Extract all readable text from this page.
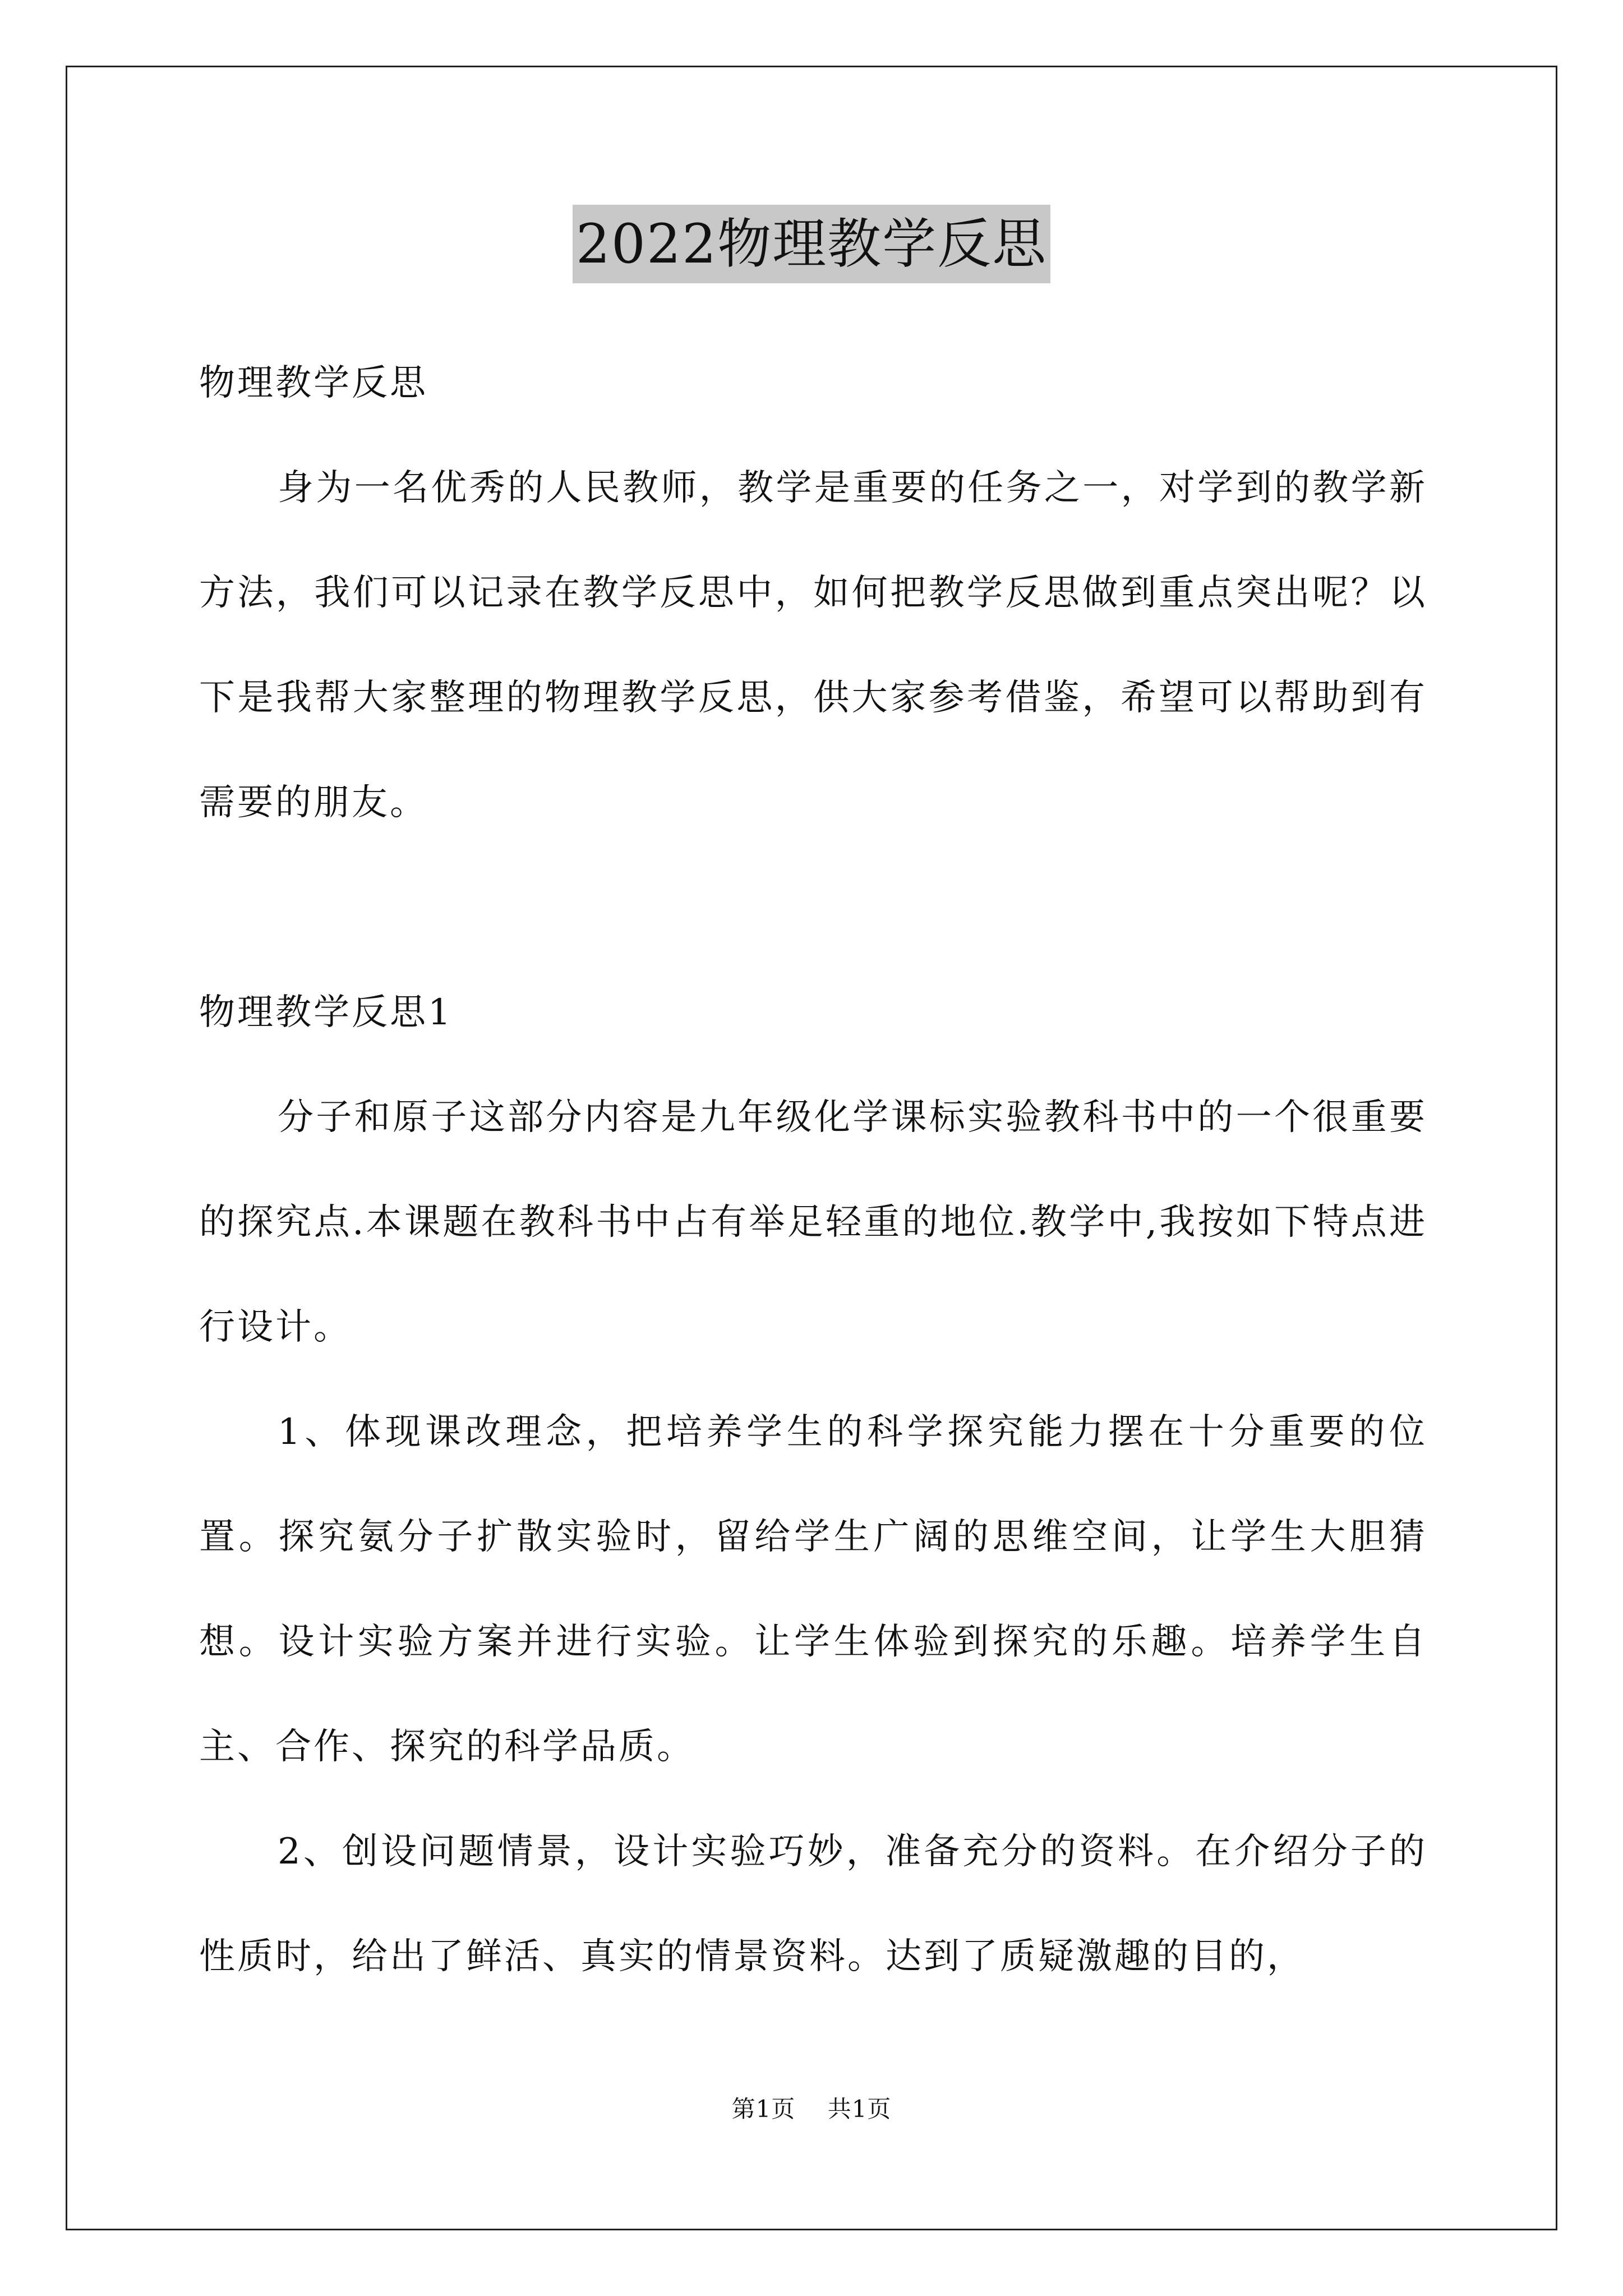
2022物理教学反思

物理教学反思

身为一名优秀的人民教师，教学是重要的任务之一，对学到的教学新方法，我们可以记录在教学反思中，如何把教学反思做到重点突出呢？以下是我帮大家整理的物理教学反思，供大家参考借鉴，希望可以帮助到有需要的朋友。

物理教学反思1

分子和原子这部分内容是九年级化学课标实验教科书中的一个很重要的探究点.本课题在教科书中占有举足轻重的地位.教学中,我按如下特点进行设计。

1、体现课改理念，把培养学生的科学探究能力摆在十分重要的位置。探究氨分子扩散实验时，留给学生广阔的思维空间，让学生大胆猜想。设计实验方案并进行实验。让学生体验到探究的乐趣。培养学生自主、合作、探究的科学品质。

2、创设问题情景，设计实验巧妙，准备充分的资料。在介绍分子的性质时，给出了鲜活、真实的情景资料。达到了质疑激趣的目的，

第1页 共1页
